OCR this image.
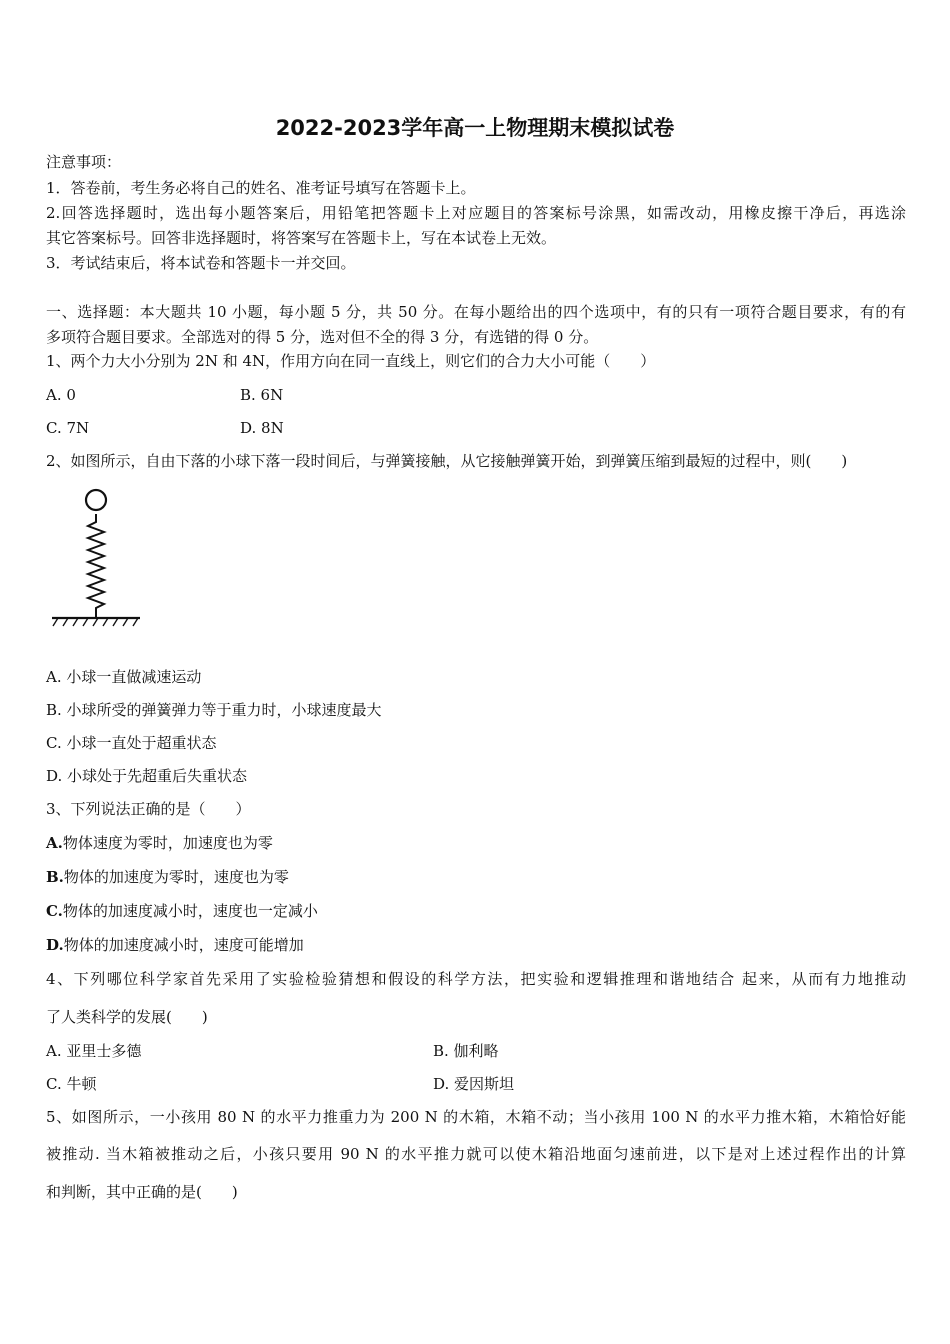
2022-2023学年高一上物理期末模拟试卷
注意事项：
1．答卷前，考生务必将自己的姓名、准考证号填写在答题卡上。
2.回答选择题时，选出每小题答案后，用铅笔把答题卡上对应题目的答案标号涂黑，如需改动，用橡皮擦干净后，再选涂
其它答案标号。回答非选择题时，将答案写在答题卡上，写在本试卷上无效。
3．考试结束后，将本试卷和答题卡一并交回。
一、选择题：本大题共 10 小题，每小题 5 分，共 50 分。在每小题给出的四个选项中，有的只有一项符合题目要求，有的有
多项符合题目要求。全部选对的得 5 分，选对但不全的得 3 分，有选错的得 0 分。
1、两个力大小分别为 2N 和 4N，作用方向在同一直线上，则它们的合力大小可能（　　）
A. 0	B. 6N
C. 7N	D. 8N
2、如图所示，自由下落的小球下落一段时间后，与弹簧接触，从它接触弹簧开始，到弹簧压缩到最短的过程中，则(　　)
A. 小球一直做减速运动
B. 小球所受的弹簧弹力等于重力时，小球速度最大
C. 小球一直处于超重状态
D. 小球处于先超重后失重状态
3、下列说法正确的是（　　）
A.物体速度为零时，加速度也为零
B.物体的加速度为零时，速度也为零
C.物体的加速度减小时，速度也一定减小
D.物体的加速度减小时，速度可能增加
4、下列哪位科学家首先采用了实验检验猜想和假设的科学方法，把实验和逻辑推理和谐地结合 起来，从而有力地推动
了人类科学的发展(　　)
A. 亚里士多德	B. 伽利略
C. 牛顿	D. 爱因斯坦
5、如图所示，一小孩用 80 N 的水平力推重力为 200 N 的木箱，木箱不动；当小孩用 100 N 的水平力推木箱，木箱恰好能
被推动. 当木箱被推动之后，小孩只要用 90 N 的水平推力就可以使木箱沿地面匀速前进，以下是对上述过程作出的计算
和判断，其中正确的是(　　)
